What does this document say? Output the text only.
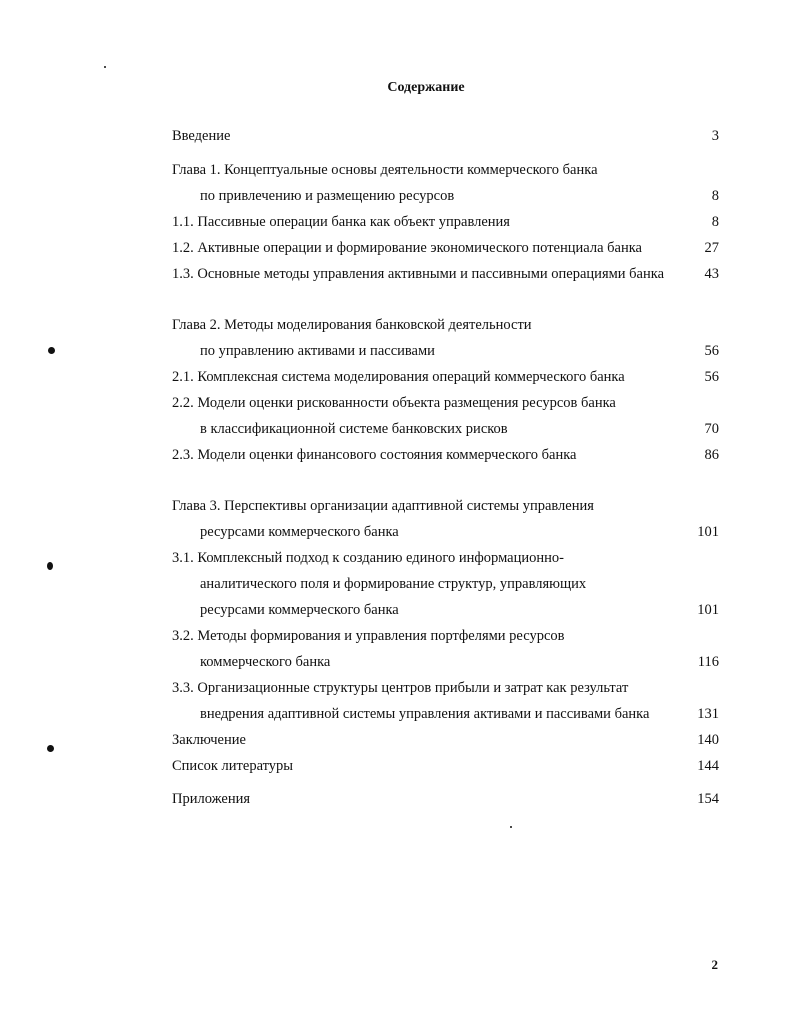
Содержание
Введение	3
Глава 1. Концептуальные основы деятельности коммерческого банка
по привлечению и размещению ресурсов	8
1.1. Пассивные операции банка как объект управления	8
1.2. Активные операции и формирование экономического потенциала банка	27
1.3. Основные методы управления активными и пассивными операциями банка	43
Глава 2. Методы моделирования банковской деятельности
по управлению активами и пассивами	56
2.1. Комплексная система моделирования операций коммерческого банка	56
2.2. Модели оценки рискованности объекта размещения ресурсов банка
в классификационной системе банковских рисков	70
2.3. Модели оценки финансового состояния коммерческого банка	86
Глава 3. Перспективы организации адаптивной системы управления
ресурсами коммерческого банка	101
3.1. Комплексный подход к созданию единого информационно-
аналитического поля и формирование структур, управляющих
ресурсами коммерческого банка	101
3.2. Методы формирования и управления портфелями ресурсов
коммерческого банка	116
3.3. Организационные структуры центров прибыли и затрат как результат
внедрения адаптивной системы управления активами и пассивами банка	131
Заключение	140
Список литературы	144
Приложения	154
2
